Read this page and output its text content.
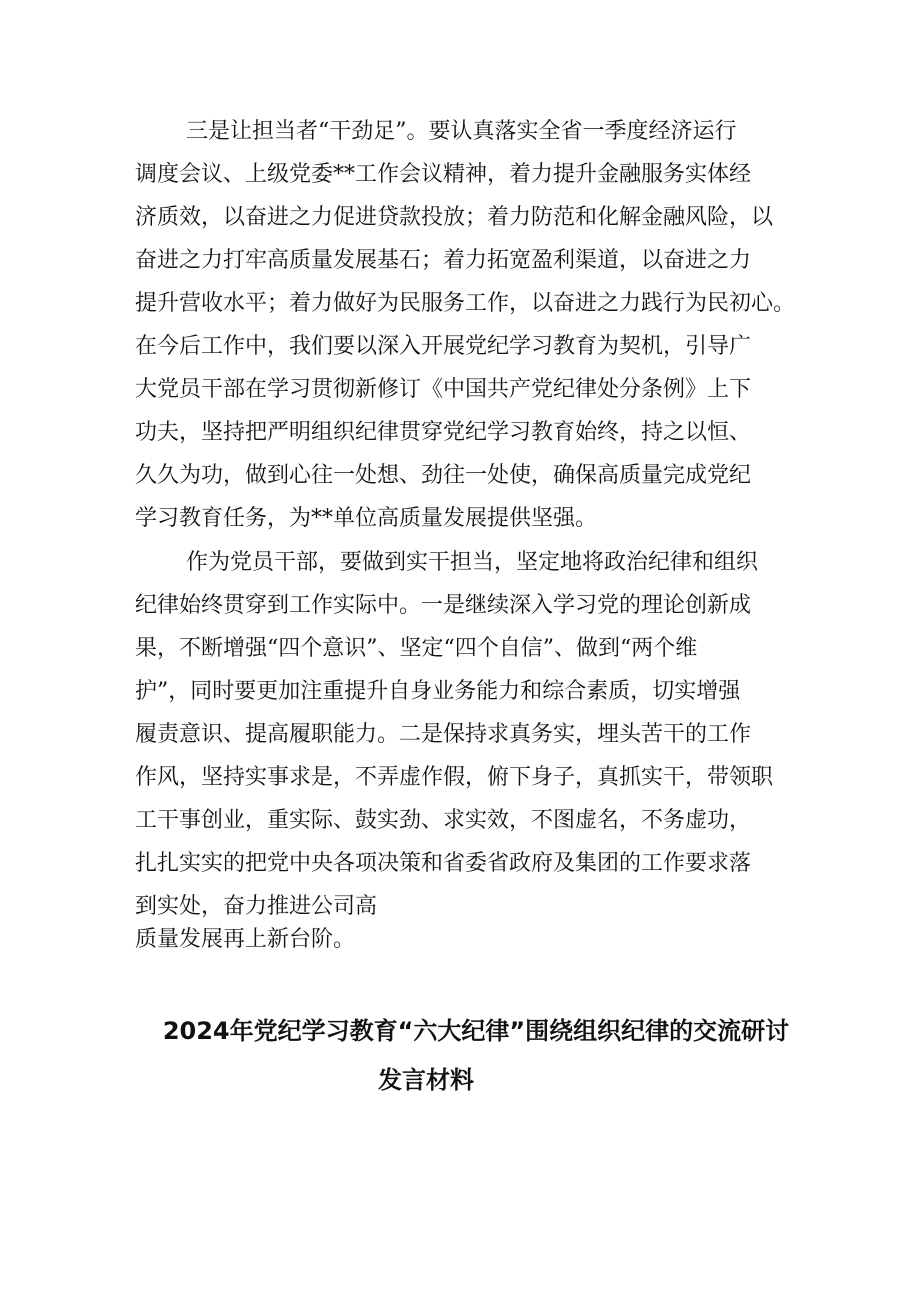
三是让担当者“干劲足”。要认真落实全省一季度经济运行
调度会议、上级党委**工作会议精神，着力提升金融服务实体经
济质效，以奋进之力促进贷款投放；着力防范和化解金融风险，以
奋进之力打牢高质量发展基石；着力拓宽盈利渠道，以奋进之力
提升营收水平；着力做好为民服务工作，以奋进之力践行为民初心。
在今后工作中，我们要以深入开展党纪学习教育为契机，引导广
大党员干部在学习贯彻新修订《中国共产党纪律处分条例》上下
功夫，坚持把严明组织纪律贯穿党纪学习教育始终，持之以恒、
久久为功，做到心往一处想、劲往一处使，确保高质量完成党纪
学习教育任务，为**单位高质量发展提供坚强。
作为党员干部，要做到实干担当，坚定地将政治纪律和组织
纪律始终贯穿到工作实际中。一是继续深入学习党的理论创新成
果，不断增强“四个意识”、坚定“四个自信”、做到“两个维
护”，同时要更加注重提升自身业务能力和综合素质，切实增强
履责意识、提高履职能力。二是保持求真务实，埋头苦干的工作
作风，坚持实事求是，不弄虚作假，俯下身子，真抓实干，带领职
工干事创业，重实际、鼓实劲、求实效，不图虚名，不务虚功，
扎扎实实的把党中央各项决策和省委省政府及集团的工作要求落
到实处，奋力推进公司高
质量发展再上新台阶。
2024年党纪学习教育“六大纪律”围绕组织纪律的交流研讨
发言材料
